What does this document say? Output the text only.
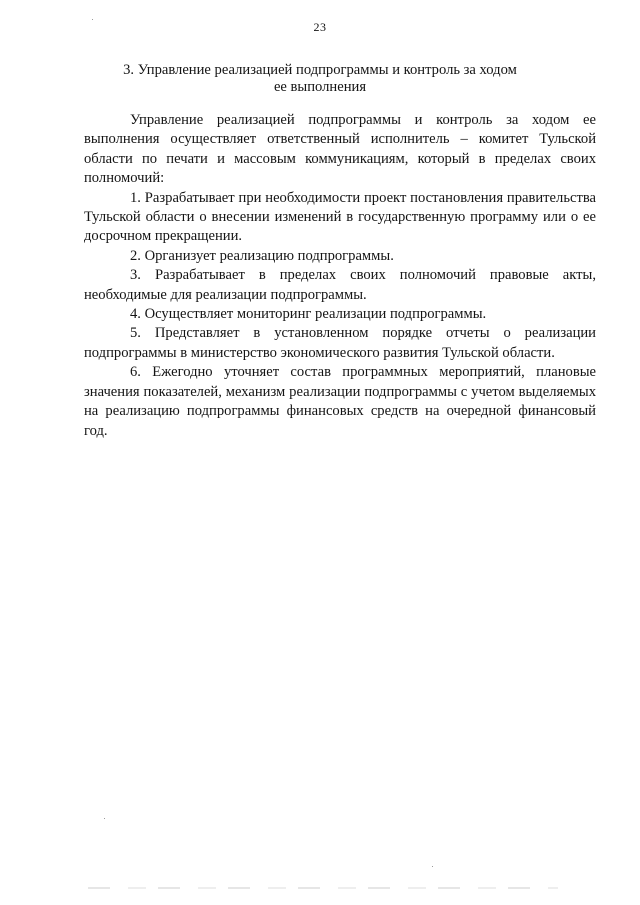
23
3. Управление реализацией подпрограммы и контроль за ходом
ее выполнения

Управление реализацией подпрограммы и контроль за ходом ее выполнения осуществляет ответственный исполнитель – комитет Тульской области по печати и массовым коммуникациям, который в пределах своих полномочий:

1. Разрабатывает при необходимости проект постановления правительства Тульской области о внесении изменений в государственную программу или о ее досрочном прекращении.

2. Организует реализацию подпрограммы.

3. Разрабатывает в пределах своих полномочий правовые акты, необходимые для реализации подпрограммы.

4. Осуществляет мониторинг реализации подпрограммы.

5. Представляет в установленном порядке отчеты о реализации подпрограммы в министерство экономического развития Тульской области.

6. Ежегодно уточняет состав программных мероприятий, плановые значения показателей, механизм реализации подпрограммы с учетом выделяемых на реализацию подпрограммы финансовых средств на очередной финансовый год.
